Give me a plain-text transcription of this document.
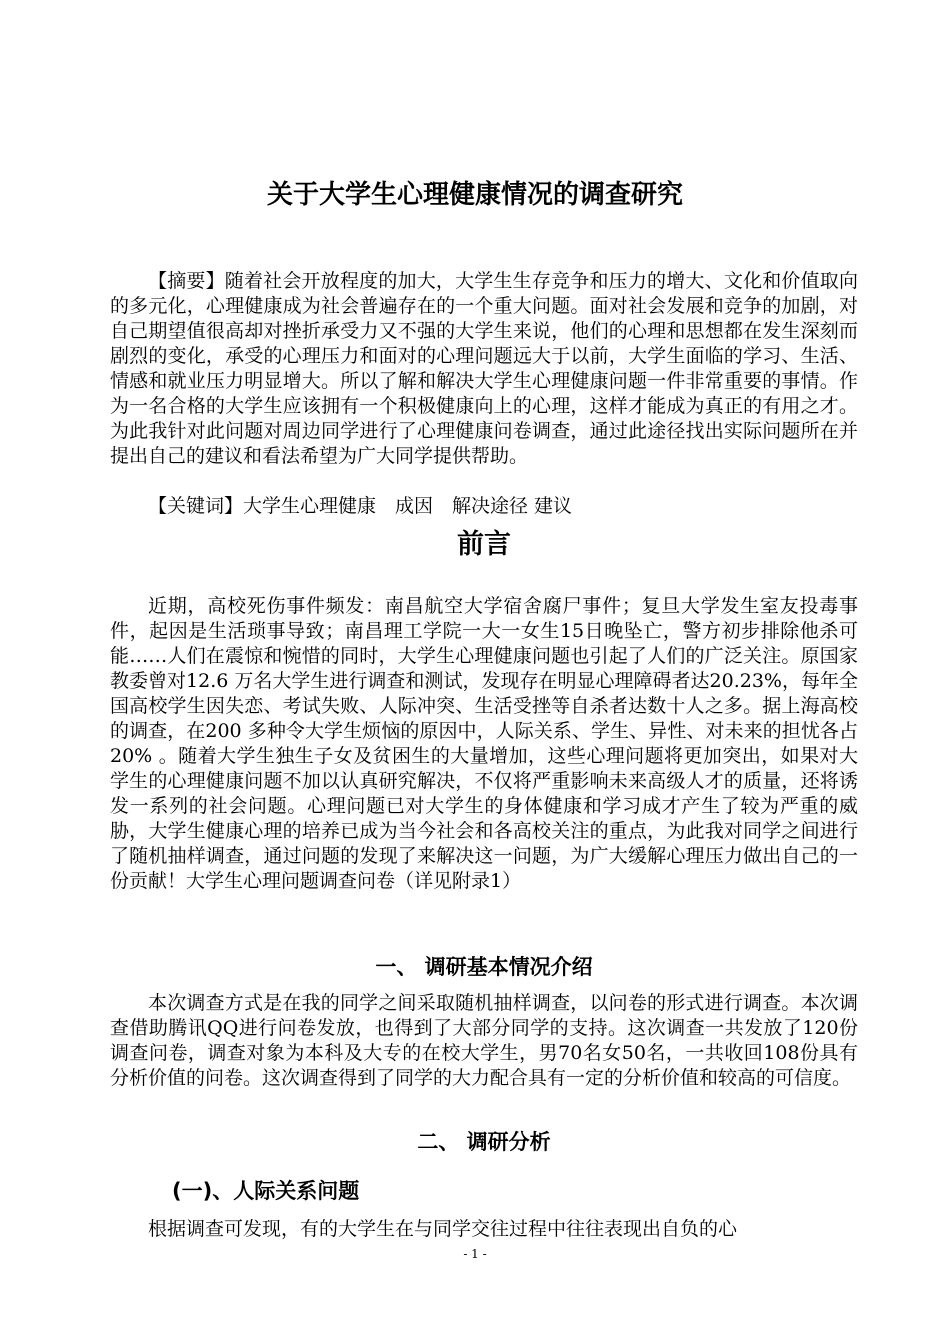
关于大学生心理健康情况的调查研究

【摘要】随着社会开放程度的加大，大学生生存竞争和压力的增大、文化和价值取向的多元化，心理健康成为社会普遍存在的一个重大问题。面对社会发展和竞争的加剧，对自己期望值很高却对挫折承受力又不强的大学生来说，他们的心理和思想都在发生深刻而剧烈的变化，承受的心理压力和面对的心理问题远大于以前，大学生面临的学习、生活、情感和就业压力明显增大。所以了解和解决大学生心理健康问题一件非常重要的事情。作为一名合格的大学生应该拥有一个积极健康向上的心理，这样才能成为真正的有用之才。为此我针对此问题对周边同学进行了心理健康问卷调查，通过此途径找出实际问题所在并提出自己的建议和看法希望为广大同学提供帮助。

【关键词】大学生心理健康　成因　解决途径 建议

前言

近期，高校死伤事件频发：南昌航空大学宿舍腐尸事件；复旦大学发生室友投毒事件，起因是生活琐事导致；南昌理工学院一大一女生15日晚坠亡，警方初步排除他杀可能……人们在震惊和惋惜的同时，大学生心理健康问题也引起了人们的广泛关注。原国家教委曾对12.6 万名大学生进行调查和测试，发现存在明显心理障碍者达20.23%，每年全国高校学生因失恋、考试失败、人际冲突、生活受挫等自杀者达数十人之多。据上海高校的调查，在200 多种令大学生烦恼的原因中，人际关系、学生、异性、对未来的担忧各占20% 。随着大学生独生子女及贫困生的大量增加，这些心理问题将更加突出，如果对大学生的心理健康问题不加以认真研究解决，不仅将严重影响未来高级人才的质量，还将诱发一系列的社会问题。心理问题已对大学生的身体健康和学习成才产生了较为严重的威胁，大学生健康心理的培养已成为当今社会和各高校关注的重点，为此我对同学之间进行了随机抽样调查，通过问题的发现了来解决这一问题，为广大缓解心理压力做出自己的一份贡献！大学生心理问题调查问卷（详见附录1）

一、 调研基本情况介绍

本次调查方式是在我的同学之间采取随机抽样调查，以问卷的形式进行调查。本次调查借助腾讯QQ进行问卷发放，也得到了大部分同学的支持。这次调查一共发放了120份调查问卷，调查对象为本科及大专的在校大学生，男70名女50名，一共收回108份具有分析价值的问卷。这次调查得到了同学的大力配合具有一定的分析价值和较高的可信度。

二、 调研分析
(一)、人际关系问题

根据调查可发现，有的大学生在与同学交往过程中往往表现出自负的心

- 1 -
